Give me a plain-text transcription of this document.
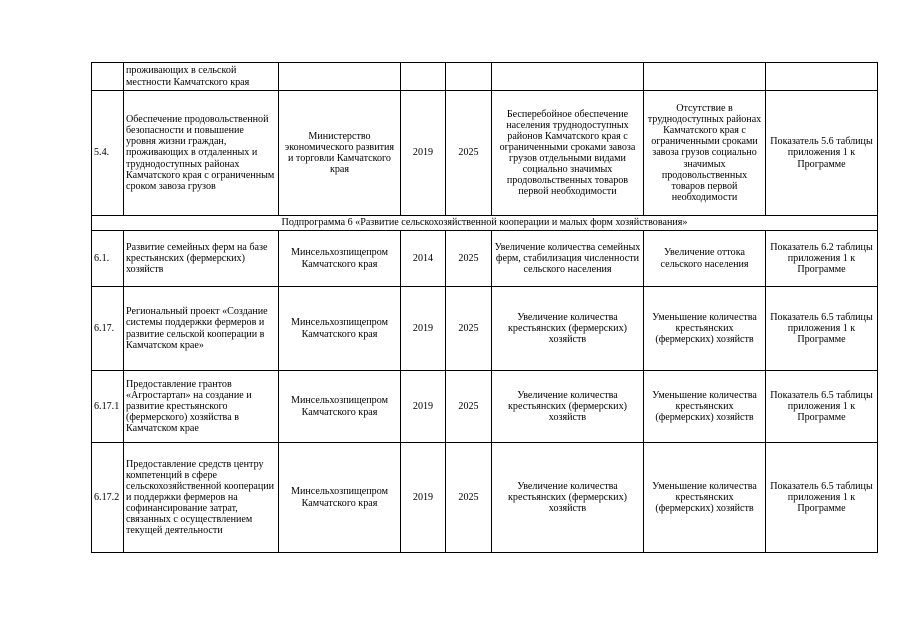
	проживающих в сельской местности Камчатского края						
5.4.	Обеспечение продовольственной безопасности и повышение уровня жизни граждан, проживающих в отдаленных и труднодоступных районах Камчатского края с ограниченным сроком завоза грузов	Министерство экономического развития и торговли Камчатского края	2019	2025	Бесперебойное обеспечение населения труднодоступных районов Камчатского края с ограниченными сроками завоза грузов отдельными видами социально значимых продовольственных товаров первой необходимости	Отсутствие в труднодоступных районах Камчатского края с ограниченными сроками завоза грузов социально значимых продовольственных товаров первой необходимости	Показатель 5.6 таблицы приложения 1 к Программе
Подпрограмма 6 «Развитие сельскохозяйственной кооперации и малых форм хозяйствования»							
6.1.	Развитие семейных ферм на базе крестьянских (фермерских) хозяйств	Минсельхозпищепром Камчатского края	2014	2025	Увеличение количества семейных ферм, стабилизация численности сельского населения	Увеличение оттока сельского населения	Показатель 6.2 таблицы приложения 1 к Программе
6.17.	Региональный проект «Создание системы поддержки фермеров и развитие сельской кооперации в Камчатском крае»	Минсельхозпищепром Камчатского края	2019	2025	Увеличение количества крестьянских (фермерских) хозяйств	Уменьшение количества крестьянских (фермерских) хозяйств	Показатель 6.5 таблицы приложения 1 к Программе
6.17.1	Предоставление грантов «Агростартап» на создание и развитие крестьянского (фермерского) хозяйства в Камчатском крае	Минсельхозпищепром Камчатского края	2019	2025	Увеличение количества крестьянских (фермерских) хозяйств	Уменьшение количества крестьянских (фермерских) хозяйств	Показатель 6.5 таблицы приложения 1 к Программе
6.17.2	Предоставление средств центру компетенций в сфере сельскохозяйственной кооперации и поддержки фермеров на софинансирование затрат, связанных с осуществлением текущей деятельности	Минсельхозпищепром Камчатского края	2019	2025	Увеличение количества крестьянских (фермерских) хозяйств	Уменьшение количества крестьянских (фермерских) хозяйств	Показатель 6.5 таблицы приложения 1 к Программе
